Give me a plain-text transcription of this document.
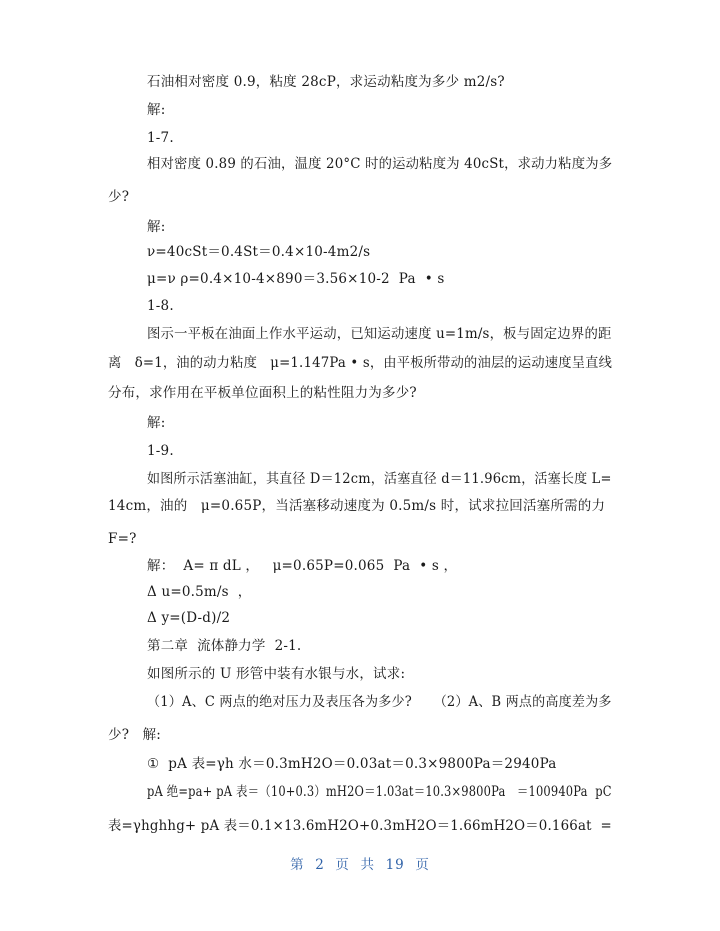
石油相对密度 0.9，粘度 28cP，求运动粘度为多少 m2/s?
解:
1-7.
相对密度 0.89 的石油，温度 20°C 时的运动粘度为 40cSt，求动力粘度为多
少?
解:
ν=40cSt＝0.4St＝0.4×10-4m2/s
μ=ν ρ=0.4×10-4×890＝3.56×10-2  Pa  • s
1-8.
图示一平板在油面上作水平运动，已知运动速度 u=1m/s，板与固定边界的距
离   δ=1，油的动力粘度   μ=1.147Pa • s，由平板所带动的油层的运动速度呈直线
分布，求作用在平板单位面积上的粘性阻力为多少?
解:
1-9.
如图所示活塞油缸，其直径 D＝12cm，活塞直径 d＝11.96cm，活塞长度 L=
14cm，油的   μ=0.65P，当活塞移动速度为 0.5m/s 时，试求拉回活塞所需的力
F=?
解：  A= π dL ，   μ=0.65P=0.065  Pa  • s ，
Δ u=0.5m/s  ，
Δ y=(D-d)/2
第二章  流体静力学  2-1.
如图所示的 U 形管中装有水银与水，试求:
（1）A、C 两点的绝对压力及表压各为多少?     （2）A、B 两点的高度差为多
少?   解:
①  pA 表=γh 水＝0.3mH2O＝0.03at＝0.3×9800Pa＝2940Pa
pA 绝=pa+ pA 表＝（10+0.3）mH2O＝1.03at＝10.3×9800Pa   ＝100940Pa  pC
表=γhghhg+ pA 表＝0.1×13.6mH2O+0.3mH2O＝1.66mH2O＝0.166at  =
第  2  页  共  19  页
